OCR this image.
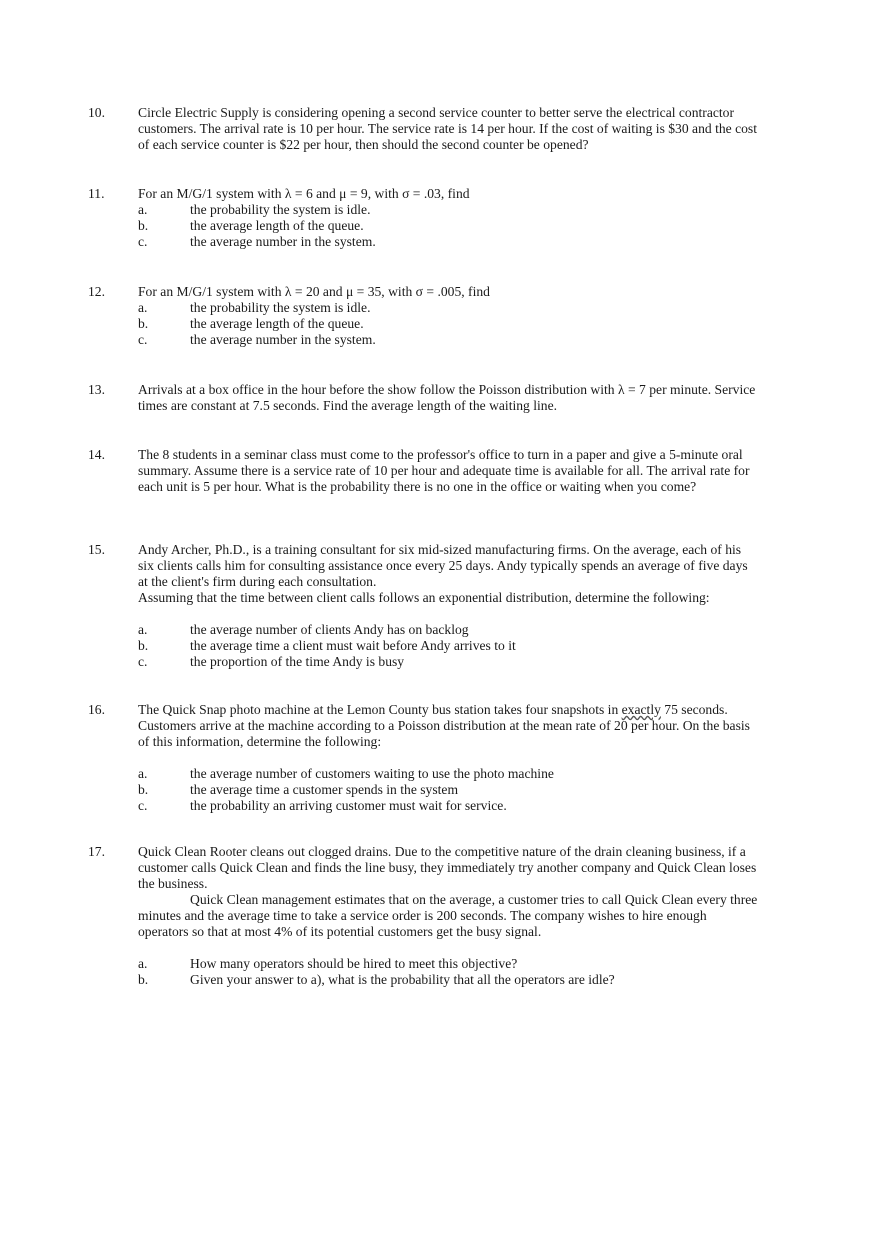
10. Circle Electric Supply is considering opening a second service counter to better serve the electrical contractor customers. The arrival rate is 10 per hour. The service rate is 14 per hour. If the cost of waiting is $30 and the cost of each service counter is $22 per hour, then should the second counter be opened?
11. For an M/G/1 system with λ = 6 and μ = 9, with σ = .03, find
a.	the probability the system is idle.
b.	the average length of the queue.
c.	the average number in the system.
12. For an M/G/1 system with λ = 20 and μ = 35, with σ = .005, find
a.	the probability the system is idle.
b.	the average length of the queue.
c.	the average number in the system.
13. Arrivals at a box office in the hour before the show follow the Poisson distribution with λ = 7 per minute. Service times are constant at 7.5 seconds. Find the average length of the waiting line.
14. The 8 students in a seminar class must come to the professor's office to turn in a paper and give a 5-minute oral summary. Assume there is a service rate of 10 per hour and adequate time is available for all. The arrival rate for each unit is 5 per hour. What is the probability there is no one in the office or waiting when you come?
15. Andy Archer, Ph.D., is a training consultant for six mid-sized manufacturing firms. On the average, each of his six clients calls him for consulting assistance once every 25 days. Andy typically spends an average of five days at the client's firm during each consultation.
Assuming that the time between client calls follows an exponential distribution, determine the following:
a.	the average number of clients Andy has on backlog
b.	the average time a client must wait before Andy arrives to it
c.	the proportion of the time Andy is busy
16. The Quick Snap photo machine at the Lemon County bus station takes four snapshots in exactly 75 seconds. Customers arrive at the machine according to a Poisson distribution at the mean rate of 20 per hour. On the basis of this information, determine the following:
a.	the average number of customers waiting to use the photo machine
b.	the average time a customer spends in the system
c.	the probability an arriving customer must wait for service.
17. Quick Clean Rooter cleans out clogged drains. Due to the competitive nature of the drain cleaning business, if a customer calls Quick Clean and finds the line busy, they immediately try another company and Quick Clean loses the business.
Quick Clean management estimates that on the average, a customer tries to call Quick Clean every three minutes and the average time to take a service order is 200 seconds. The company wishes to hire enough operators so that at most 4% of its potential customers get the busy signal.
a.	How many operators should be hired to meet this objective?
b.	Given your answer to a), what is the probability that all the operators are idle?
